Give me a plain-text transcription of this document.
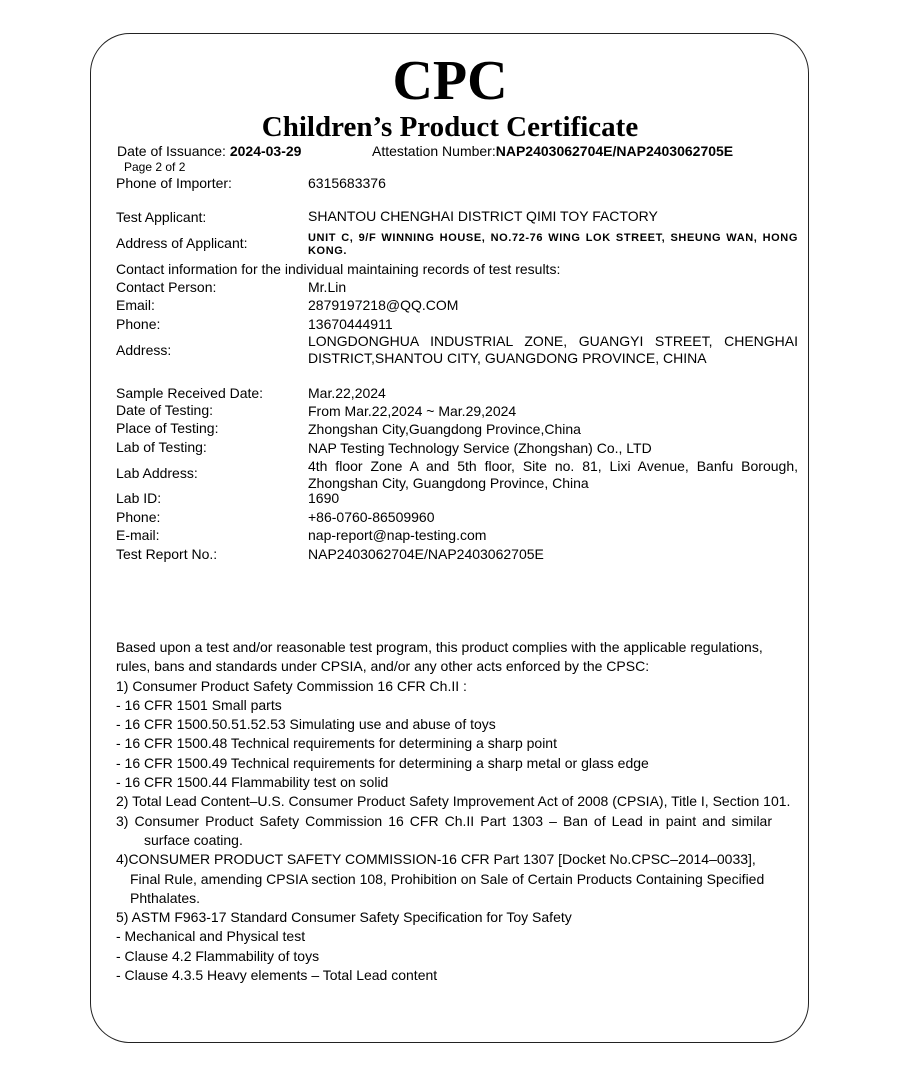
CPC
Children’s Product Certificate
Date of Issuance: 2024-03-29	Attestation Number:NAP2403062704E/NAP2403062705E
Page 2 of 2
Phone of Importer:	6315683376
Test Applicant:	SHANTOU CHENGHAI DISTRICT QIMI TOY FACTORY
Address of Applicant:	UNIT C, 9/F WINNING HOUSE, NO.72-76 WING LOK STREET, SHEUNG WAN, HONG KONG.
Contact information for the individual maintaining records of test results:
Contact Person:	Mr.Lin
Email:	2879197218@QQ.COM
Phone:	13670444911
Address:
LONGDONGHUA INDUSTRIAL ZONE, GUANGYI STREET, CHENGHAI DISTRICT,SHANTOU CITY, GUANGDONG PROVINCE, CHINA
Sample Received Date:	Mar.22,2024
Date of Testing:	From Mar.22,2024 ~ Mar.29,2024
Place of Testing:	Zhongshan City,Guangdong Province,China
Lab of Testing:	NAP Testing Technology Service (Zhongshan) Co., LTD
Lab Address:	4th floor Zone A and 5th floor, Site no. 81, Lixi Avenue, Banfu Borough, Zhongshan City, Guangdong Province, China
Lab ID:	1690
Phone:	+86-0760-86509960
E-mail:	nap-report@nap-testing.com
Test Report No.:	NAP2403062704E/NAP2403062705E
Based upon a test and/or reasonable test program, this product complies with the applicable regulations,
rules, bans and standards under CPSIA, and/or any other acts enforced by the CPSC:
1) Consumer Product Safety Commission 16 CFR Ch.II :
- 16 CFR 1501 Small parts
- 16 CFR 1500.50.51.52.53 Simulating use and abuse of toys
- 16 CFR 1500.48 Technical requirements for determining a sharp point
- 16 CFR 1500.49 Technical requirements for determining a sharp metal or glass edge
- 16 CFR 1500.44 Flammability test on solid
2) Total Lead Content–U.S. Consumer Product Safety Improvement Act of 2008 (CPSIA), Title I, Section 101.
3) Consumer Product Safety Commission 16 CFR Ch.II Part 1303 – Ban of Lead in paint and similar
surface coating.
4)CONSUMER PRODUCT SAFETY COMMISSION-16 CFR Part 1307 [Docket No.CPSC–2014–0033],
Final Rule, amending CPSIA section 108, Prohibition on Sale of Certain Products Containing Specified
Phthalates.
5) ASTM F963-17 Standard Consumer Safety Specification for Toy Safety
- Mechanical and Physical test
- Clause 4.2 Flammability of toys
- Clause 4.3.5 Heavy elements – Total Lead content
